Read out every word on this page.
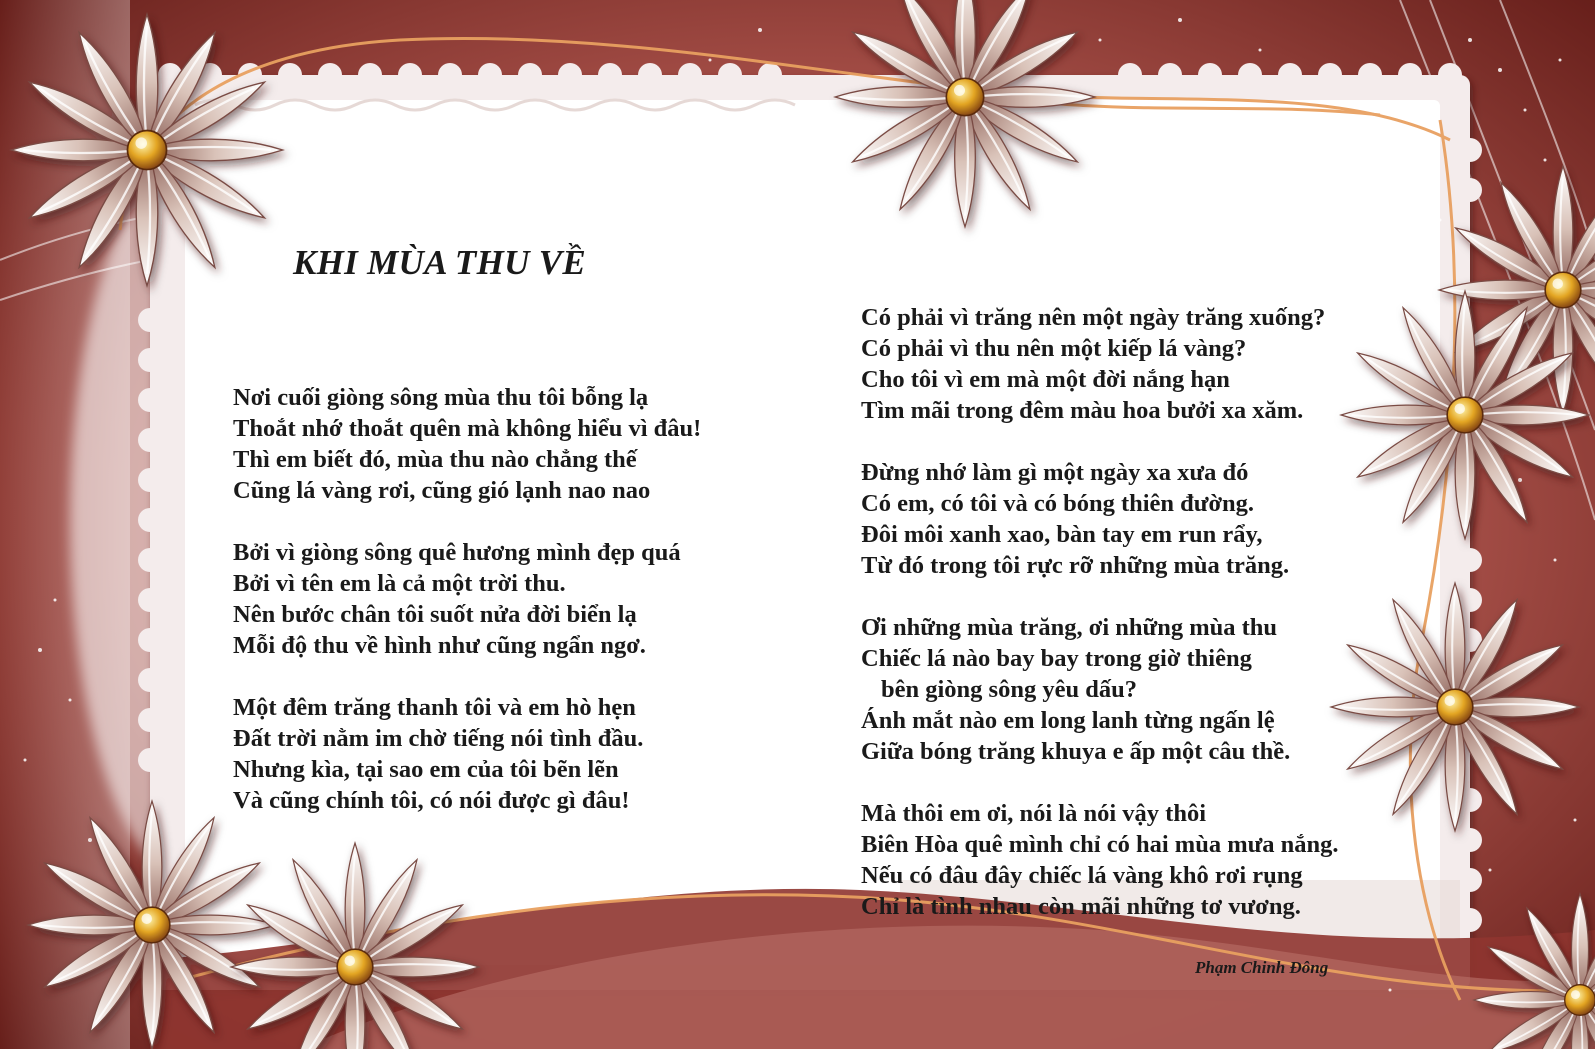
KHI MÙA THU VỀ
Nơi cuối giòng sông mùa thu tôi bỗng lạ
Thoắt nhớ thoắt quên mà không hiểu vì đâu!
Thì em biết đó, mùa thu nào chẳng thế
Cũng lá vàng rơi, cũng gió lạnh nao nao
Bởi vì giòng sông quê hương mình đẹp quá
Bởi vì tên em là cả một trời thu.
Nên bước chân tôi suốt nửa đời biển lạ
Mỗi độ thu về hình như cũng ngẩn ngơ.
Một đêm trăng thanh tôi và em hò hẹn
Đất trời nằm im chờ tiếng nói tình đầu.
Nhưng kìa, tại sao em của tôi bẽn lẽn
Và cũng chính tôi, có nói được gì đâu!
Có phải vì trăng nên một ngày trăng xuống?
Có phải vì thu nên một kiếp lá vàng?
Cho tôi vì em mà một đời nắng hạn
Tìm mãi trong đêm màu hoa bưởi xa xăm.
Đừng nhớ làm gì một ngày xa xưa đó
Có em, có tôi và có bóng thiên đường.
Đôi môi xanh xao, bàn tay em run rẩy,
Từ đó trong tôi rực rỡ những mùa trăng.
Ơi những mùa trăng, ơi những mùa thu
Chiếc lá nào bay bay trong giờ thiêng
bên giòng sông yêu dấu?
Ánh mắt nào em long lanh từng ngấn lệ
Giữa bóng trăng khuya e ấp một câu thề.
Mà thôi em ơi, nói là nói vậy thôi
Biên Hòa quê mình chỉ có hai mùa mưa nắng.
Nếu có đâu đây chiếc lá vàng khô rơi rụng
Chỉ là tình nhau còn mãi những tơ vương.
Phạm Chinh Đông
